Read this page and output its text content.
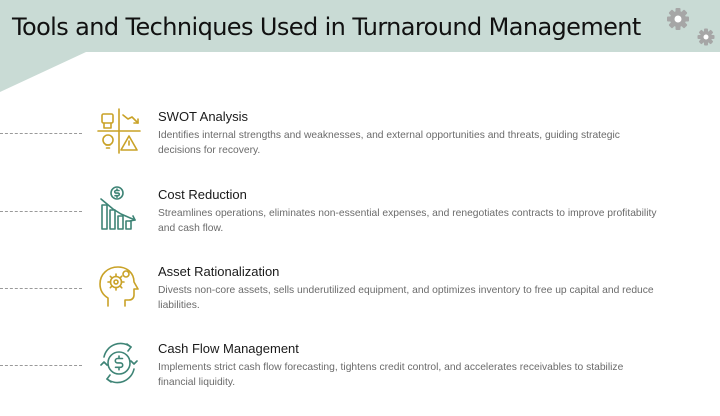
Tools and Techniques Used in Turnaround Management
SWOT Analysis
Identifies internal strengths and weaknesses, and external opportunities and threats, guiding strategic decisions for recovery.
Cost Reduction
Streamlines operations, eliminates non-essential expenses, and renegotiates contracts to improve profitability and cash flow.
Asset Rationalization
Divests non-core assets, sells underutilized equipment, and optimizes inventory to free up capital and reduce liabilities.
Cash Flow Management
Implements strict cash flow forecasting, tightens credit control, and accelerates receivables to stabilize financial liquidity.
